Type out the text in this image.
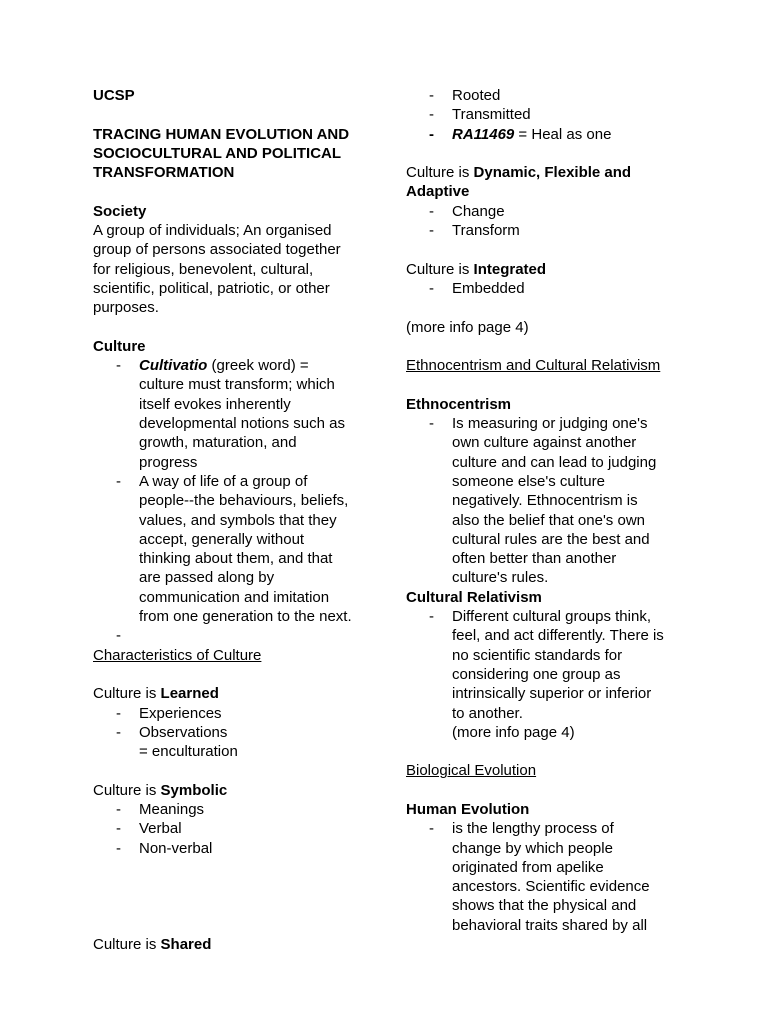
UCSP
TRACING HUMAN EVOLUTION AND
SOCIOCULTURAL AND POLITICAL
TRANSFORMATION
Society
A group of individuals; An organised
group of persons associated together
for religious, benevolent, cultural,
scientific, political, patriotic, or other
purposes.
Culture
- Cultivatio (greek word) =
culture must transform; which
itself evokes inherently
developmental notions such as
growth, maturation, and
progress
- A way of life of a group of
people--the behaviours, beliefs,
values, and symbols that they
accept, generally without
thinking about them, and that
are passed along by
communication and imitation
from one generation to the next.
-

Characteristics of Culture
Culture is Learned
- Experiences
- Observations
= enculturation
Culture is Symbolic
- Meanings
- Verbal
- Non-verbal
Culture is Shared
- Rooted
- Transmitted
- RA11469 = Heal as one
Culture is Dynamic, Flexible and
Adaptive
- Change
- Transform
Culture is Integrated
- Embedded
(more info page 4)
Ethnocentrism and Cultural Relativism
Ethnocentrism
- Is measuring or judging one's
own culture against another
culture and can lead to judging
someone else's culture
negatively. Ethnocentrism is
also the belief that one's own
cultural rules are the best and
often better than another
culture's rules.
Cultural Relativism
- Different cultural groups think,
feel, and act differently. There is
no scientific standards for
considering one group as
intrinsically superior or inferior
to another.
(more info page 4)
Biological Evolution
Human Evolution
- is the lengthy process of
change by which people
originated from apelike
ancestors. Scientific evidence
shows that the physical and
behavioral traits shared by all
